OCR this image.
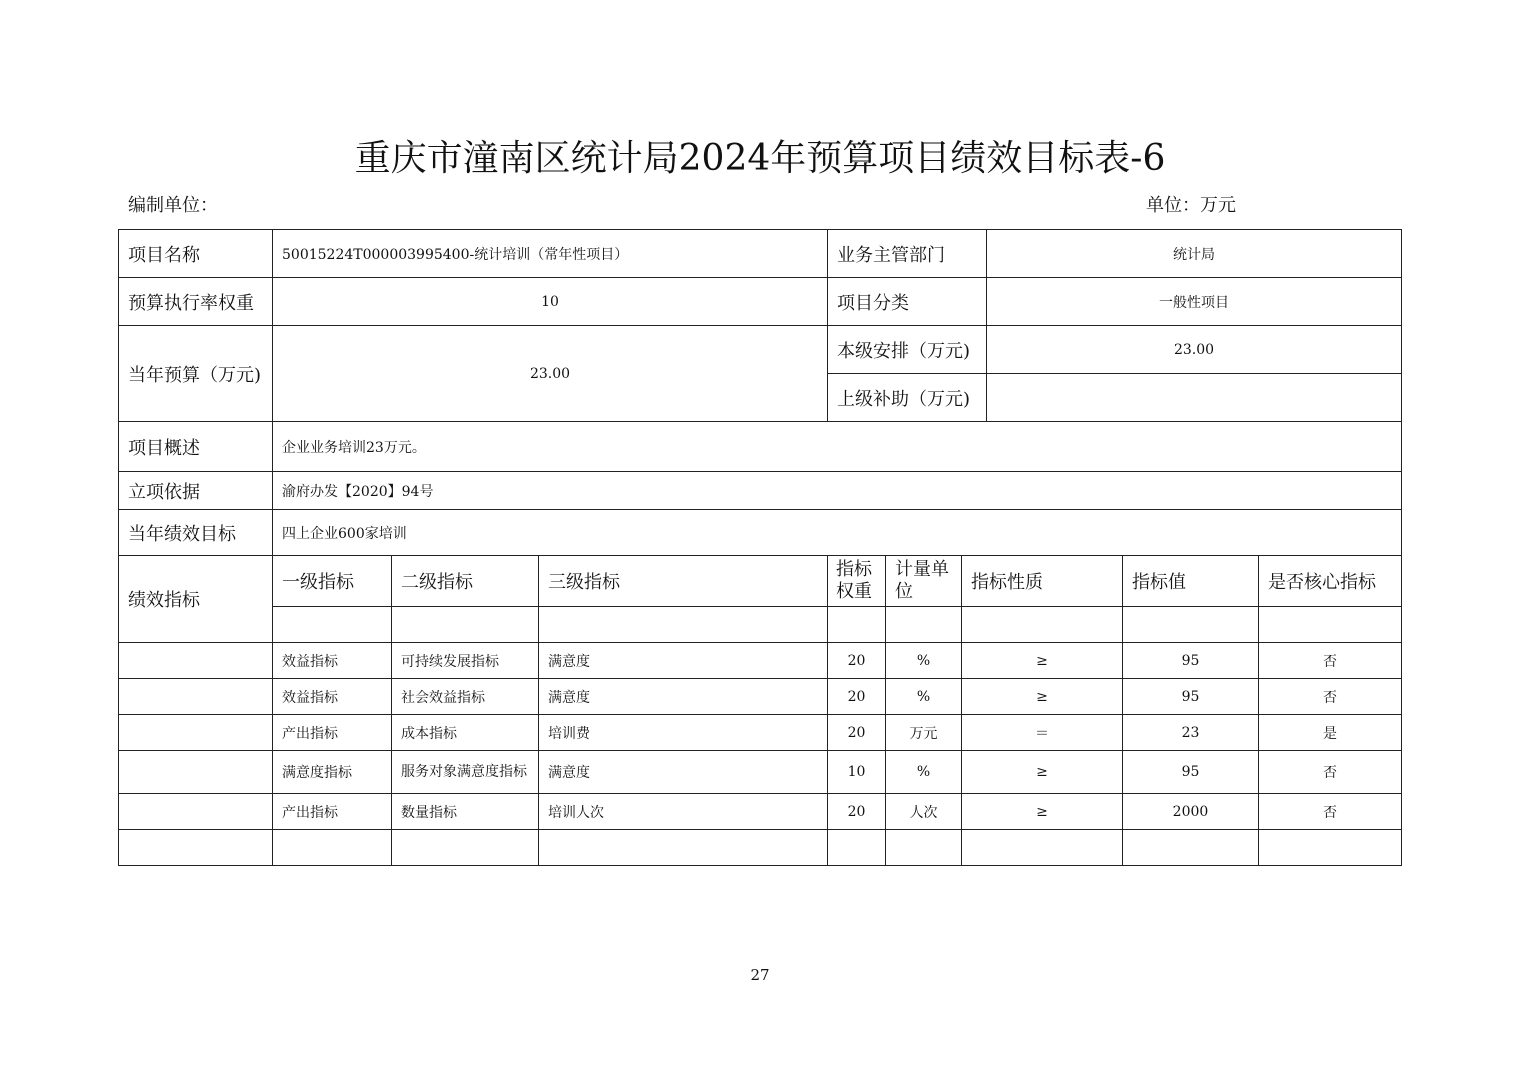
重庆市潼南区统计局2024年预算项目绩效目标表-6
编制单位：	单位：万元
项目名称	50015224T000003995400-统计培训（常年性项目）	业务主管部门	统计局
预算执行率权重	10	项目分类	一般性项目
当年预算（万元)	23.00	本级安排（万元)	23.00
		上级补助（万元)	
项目概述	企业业务培训23万元。		
立项依据	渝府办发【2020】94号		
当年绩效目标	四上企业600家培训		
绩效指标	一级指标	二级指标	三级指标	指标权重	计量单位	指标性质	指标值	是否核心指标

	效益指标	可持续发展指标	满意度	20	%	≥	95	否
	效益指标	社会效益指标	满意度	20	%	≥	95	否
	产出指标	成本指标	培训费	20	万元	＝	23	是
	满意度指标	服务对象满意度指标	满意度	10	%	≥	95	否
	产出指标	数量指标	培训人次	20	人次	≥	2000	否

27
